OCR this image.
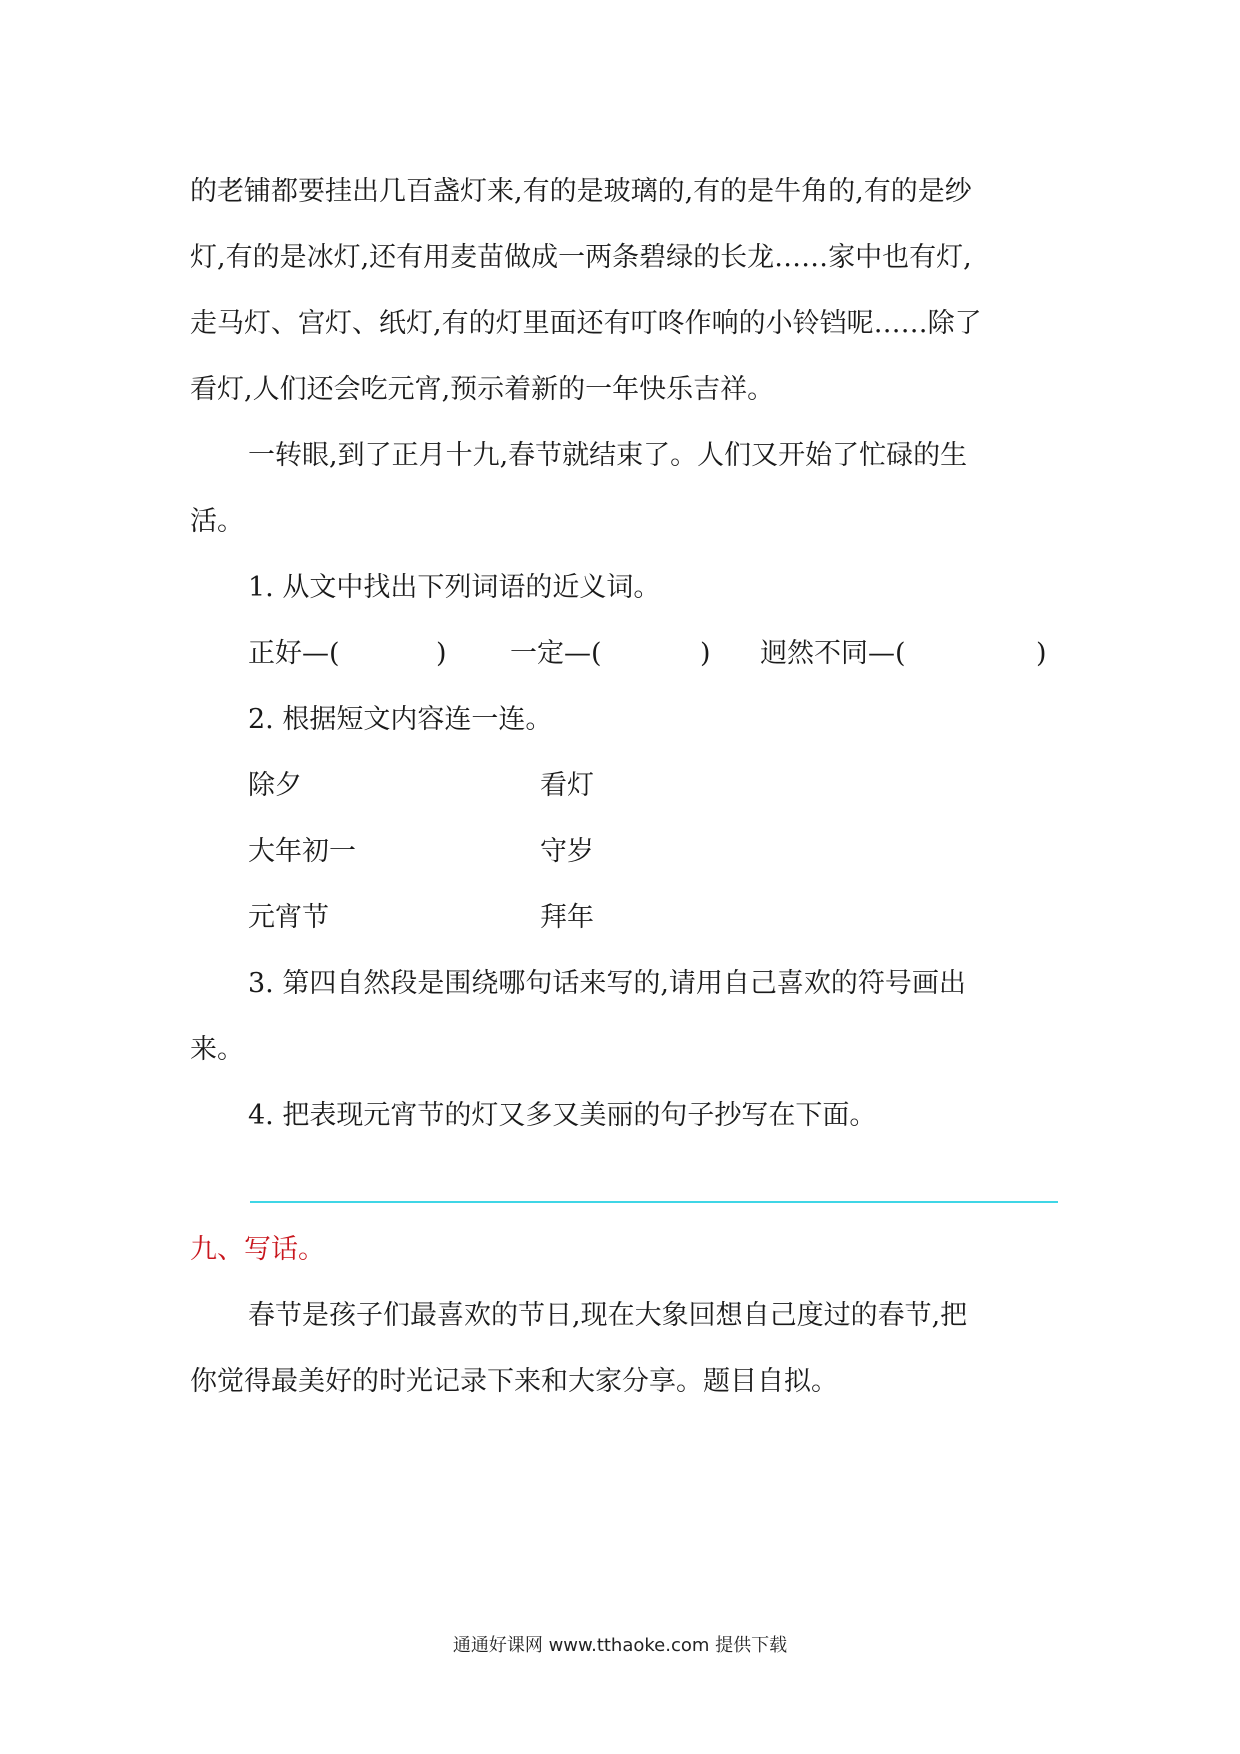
的老铺都要挂出几百盏灯来,有的是玻璃的,有的是牛角的,有的是纱
灯,有的是冰灯,还有用麦苗做成一两条碧绿的长龙……家中也有灯,
走马灯、宫灯、纸灯,有的灯里面还有叮咚作响的小铃铛呢……除了
看灯,人们还会吃元宵,预示着新的一年快乐吉祥。
一转眼,到了正月十九,春节就结束了。人们又开始了忙碌的生
活。
1. 从文中找出下列词语的近义词。
正好—(	) 一定—(	) 迥然不同—(	)
2. 根据短文内容连一连。
除夕	看灯
大年初一	守岁
元宵节	拜年
3. 第四自然段是围绕哪句话来写的,请用自己喜欢的符号画出
来。
4. 把表现元宵节的灯又多又美丽的句子抄写在下面。
九、写话。
春节是孩子们最喜欢的节日,现在大象回想自己度过的春节,把
你觉得最美好的时光记录下来和大家分享。题目自拟。
通通好课网 www.tthaoke.com 提供下载
